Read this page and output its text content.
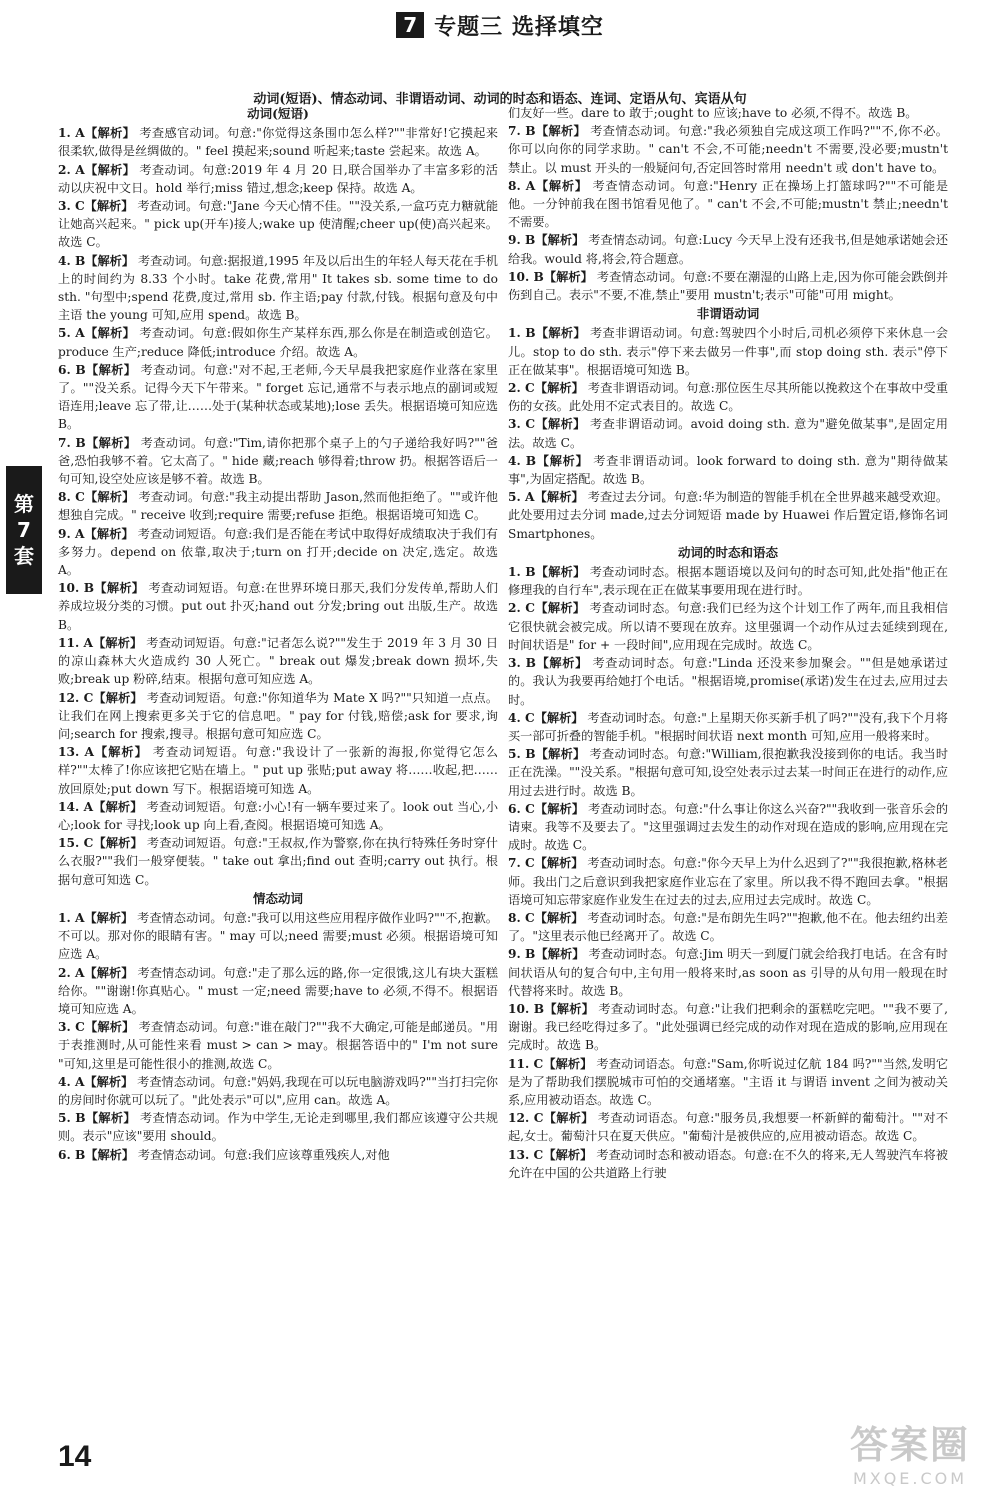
7 专题三 选择填空
动词(短语)、情态动词、非谓语动词、动词的时态和语态、连词、定语从句、宾语从句
第
7
套
动词(短语)

1. A【解析】 考查感官动词。句意:"你觉得这条围巾怎么样?""非常好!它摸起来很柔软,做得是丝绸做的。" feel 摸起来;sound 听起来;taste 尝起来。故选 A。

2. A【解析】 考查动词。句意:2019 年 4 月 20 日,联合国举办了丰富多彩的活动以庆祝中文日。hold 举行;miss 错过,想念;keep 保持。故选 A。

3. C【解析】 考查动词。句意:"Jane 今天心情不佳。""没关系,一盒巧克力糖就能让她高兴起来。" pick up(开车)接人;wake up 使清醒;cheer up(使)高兴起来。故选 C。

4. B【解析】 考查动词。句意:据报道,1995 年及以后出生的年轻人每天花在手机上的时间约为 8.33 个小时。take 花费,常用" It takes sb. some time to do sth. "句型中;spend 花费,度过,常用 sb. 作主语;pay 付款,付钱。根据句意及句中主语 the young 可知,应用 spend。故选 B。

5. A【解析】 考查动词。句意:假如你生产某样东西,那么你是在制造或创造它。produce 生产;reduce 降低;introduce 介绍。故选 A。

6. B【解析】 考查动词。句意:"对不起,王老师,今天早晨我把家庭作业落在家里了。""没关系。记得今天下午带来。" forget 忘记,通常不与表示地点的副词或短语连用;leave 忘了带,让……处于(某种状态或某地);lose 丢失。根据语境可知应选 B。

7. B【解析】 考查动词。句意:"Tim,请你把那个桌子上的勺子递给我好吗?""爸爸,恐怕我够不着。它太高了。" hide 藏;reach 够得着;throw 扔。根据答语后一句可知,设空处应该是够不着。故选 B。

8. C【解析】 考查动词。句意:"我主动提出帮助 Jason,然而他拒绝了。""或许他想独自完成。" receive 收到;require 需要;refuse 拒绝。根据语境可知选 C。

9. A【解析】 考查动词短语。句意:我们是否能在考试中取得好成绩取决于我们有多努力。depend on 依靠,取决于;turn on 打开;decide on 决定,选定。故选 A。

10. B【解析】 考查动词短语。句意:在世界环境日那天,我们分发传单,帮助人们养成垃圾分类的习惯。put out 扑灭;hand out 分发;bring out 出版,生产。故选 B。

11. A【解析】 考查动词短语。句意:"记者怎么说?""发生于 2019 年 3 月 30 日的凉山森林大火造成约 30 人死亡。" break out 爆发;break down 损坏,失败;break up 粉碎,结束。根据句意可知应选 A。

12. C【解析】 考查动词短语。句意:"你知道华为 Mate X 吗?""只知道一点点。让我们在网上搜索更多关于它的信息吧。" pay for 付钱,赔偿;ask for 要求,询问;search for 搜索,搜寻。根据句意可知应选 C。

13. A【解析】 考查动词短语。句意:"我设计了一张新的海报,你觉得它怎么样?""太棒了!你应该把它贴在墙上。" put up 张贴;put away 将……收起,把……放回原处;put down 写下。根据语境可知选 A。

14. A【解析】 考查动词短语。句意:小心!有一辆车要过来了。look out 当心,小心;look for 寻找;look up 向上看,查阅。根据语境可知选 A。

15. C【解析】 考查动词短语。句意:"王叔叔,作为警察,你在执行特殊任务时穿什么衣服?""我们一般穿便装。" take out 拿出;find out 查明;carry out 执行。根据句意可知选 C。

情态动词

1. A【解析】 考查情态动词。句意:"我可以用这些应用程序做作业吗?""不,抱歉。不可以。那对你的眼睛有害。" may 可以;need 需要;must 必须。根据语境可知应选 A。

2. A【解析】 考查情态动词。句意:"走了那么远的路,你一定很饿,这儿有块大蛋糕给你。""谢谢!你真贴心。" must 一定;need 需要;have to 必须,不得不。根据语境可知应选 A。

3. C【解析】 考查情态动词。句意:"谁在敲门?""我不大确定,可能是邮递员。"用于表推测时,从可能性来看 must > can > may。根据答语中的" I'm not sure "可知,这里是可能性很小的推测,故选 C。

4. A【解析】 考查情态动词。句意:"妈妈,我现在可以玩电脑游戏吗?""当打扫完你的房间时你就可以玩了。"此处表示"可以",应用 can。故选 A。

5. B【解析】 考查情态动词。作为中学生,无论走到哪里,我们都应该遵守公共规则。表示"应该"要用 should。

6. B【解析】 考查情态动词。句意:我们应该尊重残疾人,对他

们友好一些。dare to 敢于;ought to 应该;have to 必须,不得不。故选 B。

7. B【解析】 考查情态动词。句意:"我必须独自完成这项工作吗?""不,你不必。你可以向你的同学求助。" can't 不会,不可能;needn't 不需要,没必要;mustn't 禁止。以 must 开头的一般疑问句,否定回答时常用 needn't 或 don't have to。

8. A【解析】 考查情态动词。句意:"Henry 正在操场上打篮球吗?""不可能是他。一分钟前我在图书馆看见他了。" can't 不会,不可能;mustn't 禁止;needn't 不需要。

9. B【解析】 考查情态动词。句意:Lucy 今天早上没有还我书,但是她承诺她会还给我。would 将,将会,符合题意。

10. B【解析】 考查情态动词。句意:不要在潮湿的山路上走,因为你可能会跌倒并伤到自己。表示"不要,不准,禁止"要用 mustn't;表示"可能"可用 might。

非谓语动词

1. B【解析】 考查非谓语动词。句意:驾驶四个小时后,司机必须停下来休息一会儿。stop to do sth. 表示"停下来去做另一件事",而 stop doing sth. 表示"停下正在做某事"。根据语境可知选 B。

2. C【解析】 考查非谓语动词。句意:那位医生尽其所能以挽救这个在事故中受重伤的女孩。此处用不定式表目的。故选 C。

3. C【解析】 考查非谓语动词。avoid doing sth. 意为"避免做某事",是固定用法。故选 C。

4. B【解析】 考查非谓语动词。look forward to doing sth. 意为"期待做某事",为固定搭配。故选 B。

5. A【解析】 考查过去分词。句意:华为制造的智能手机在全世界越来越受欢迎。此处要用过去分词 made,过去分词短语 made by Huawei 作后置定语,修饰名词 Smartphones。

动词的时态和语态

1. B【解析】 考查动词时态。根据本题语境以及问句的时态可知,此处指"他正在修理我的自行车",表示现在正在做某事要用现在进行时。

2. C【解析】 考查动词时态。句意:我们已经为这个计划工作了两年,而且我相信它很快就会被完成。所以请不要现在放弃。这里强调一个动作从过去延续到现在,时间状语是" for + 一段时间",应用现在完成时。故选 C。

3. B【解析】 考查动词时态。句意:"Linda 还没来参加聚会。""但是她承诺过的。我认为我要再给她打个电话。"根据语境,promise(承诺)发生在过去,应用过去时。

4. C【解析】 考查动词时态。句意:"上星期天你买新手机了吗?""没有,我下个月将买一部可折叠的智能手机。"根据时间状语 next month 可知,应用一般将来时。

5. B【解析】 考查动词时态。句意:"William,很抱歉我没接到你的电话。我当时正在洗澡。""没关系。"根据句意可知,设空处表示过去某一时间正在进行的动作,应用过去进行时。故选 B。

6. C【解析】 考查动词时态。句意:"什么事让你这么兴奋?""我收到一张音乐会的请柬。我等不及要去了。"这里强调过去发生的动作对现在造成的影响,应用现在完成时。故选 C。

7. C【解析】 考查动词时态。句意:"你今天早上为什么迟到了?""我很抱歉,格林老师。我出门之后意识到我把家庭作业忘在了家里。所以我不得不跑回去拿。"根据语境可知忘带家庭作业发生在过去的过去,应用过去完成时。故选 C。

8. C【解析】 考查动词时态。句意:"是布朗先生吗?""抱歉,他不在。他去纽约出差了。"这里表示他已经离开了。故选 C。

9. B【解析】 考查动词时态。句意:Jim 明天一到厦门就会给我打电话。在含有时间状语从句的复合句中,主句用一般将来时,as soon as 引导的从句用一般现在时代替将来时。故选 B。

10. B【解析】 考查动词时态。句意:"让我们把剩余的蛋糕吃完吧。""我不要了,谢谢。我已经吃得过多了。"此处强调已经完成的动作对现在造成的影响,应用现在完成时。故选 B。

11. C【解析】 考查动词语态。句意:"Sam,你听说过亿航 184 吗?""当然,发明它是为了帮助我们摆脱城市可怕的交通堵塞。"主语 it 与谓语 invent 之间为被动关系,应用被动语态。故选 C。

12. C【解析】 考查动词语态。句意:"服务员,我想要一杯新鲜的葡萄汁。""对不起,女士。葡萄汁只在夏天供应。"葡萄汁是被供应的,应用被动语态。故选 C。

13. C【解析】 考查动词时态和被动语态。句意:在不久的将来,无人驾驶汽车将被允许在中国的公共道路上行驶

14	答案圈
MXQE.COM
